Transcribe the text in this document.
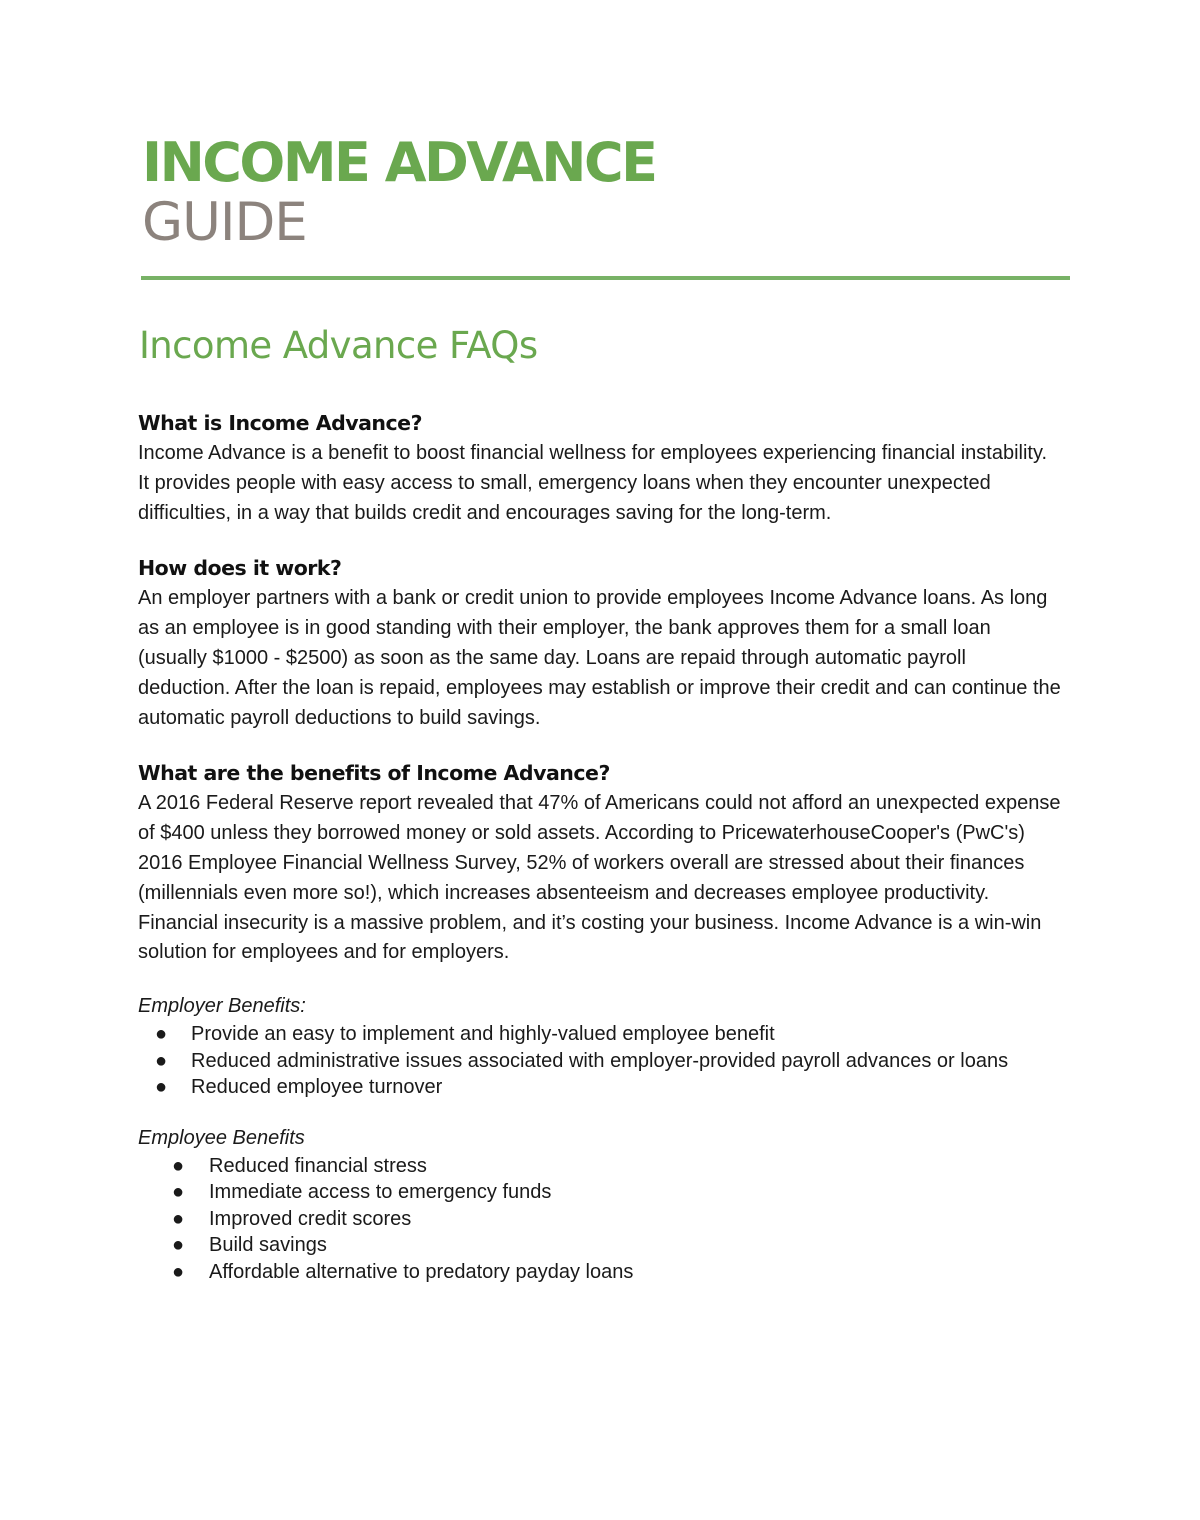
INCOME ADVANCE
GUIDE
Income Advance FAQs

What is Income Advance?

Income Advance is a benefit to boost financial wellness for employees experiencing financial instability. It provides people with easy access to small, emergency loans when they encounter unexpected difficulties, in a way that builds credit and encourages saving for the long-term.

How does it work?

An employer partners with a bank or credit union to provide employees Income Advance loans. As long as an employee is in good standing with their employer, the bank approves them for a small loan (usually $1000 - $2500) as soon as the same day. Loans are repaid through automatic payroll deduction. After the loan is repaid, employees may establish or improve their credit and can continue the automatic payroll deductions to build savings.

What are the benefits of Income Advance?

A 2016 Federal Reserve report revealed that 47% of Americans could not afford an unexpected expense of $400 unless they borrowed money or sold assets. According to PricewaterhouseCooper's (PwC's) 2016 Employee Financial Wellness Survey, 52% of workers overall are stressed about their finances (millennials even more so!), which increases absenteeism and decreases employee productivity. Financial insecurity is a massive problem, and it’s costing your business. Income Advance is a win-win solution for employees and for employers.

Employer Benefits:

● Provide an easy to implement and highly-valued employee benefit
● Reduced administrative issues associated with employer-provided payroll advances or loans
● Reduced employee turnover

Employee Benefits

● Reduced financial stress
● Immediate access to emergency funds
● Improved credit scores
● Build savings
● Affordable alternative to predatory payday loans
